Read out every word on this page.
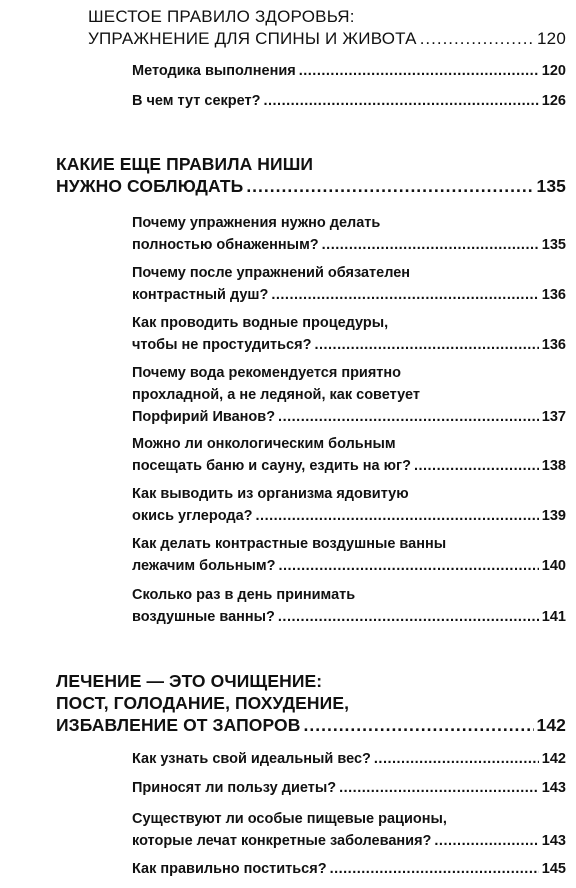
ШЕСТОЕ ПРАВИЛО ЗДОРОВЬЯ:
УПРАЖНЕНИЕ ДЛЯ СПИНЫ И ЖИВОТА .....	120
Методика выполнения .....	120
В чем тут секрет? .....	126
КАКИЕ ЕЩЕ ПРАВИЛА НИШИ
НУЖНО СОБЛЮДАТЬ .....	135
Почему упражнения нужно делать
полностью обнаженным? .....	135
Почему после упражнений обязателен
контрастный душ? .....	136
Как проводить водные процедуры,
чтобы не простудиться? .....	136
Почему вода рекомендуется приятно
прохладной, а не ледяной, как советует
Порфирий Иванов? .....	137
Можно ли онкологическим больным
посещать баню и сауну, ездить на юг? .....	138
Как выводить из организма ядовитую
окись углерода? .....	139
Как делать контрастные воздушные ванны
лежачим больным? .....	140
Сколько раз в день принимать
воздушные ванны? .....	141
ЛЕЧЕНИЕ — ЭТО ОЧИЩЕНИЕ:
ПОСТ, ГОЛОДАНИЕ, ПОХУДЕНИЕ,
ИЗБАВЛЕНИЕ ОТ ЗАПОРОВ .....	142
Как узнать свой идеальный вес? .....	142
Приносят ли пользу диеты? .....	143
Существуют ли особые пищевые рационы,
которые лечат конкретные заболевания? .....	143
Как правильно поститься? .....	145
